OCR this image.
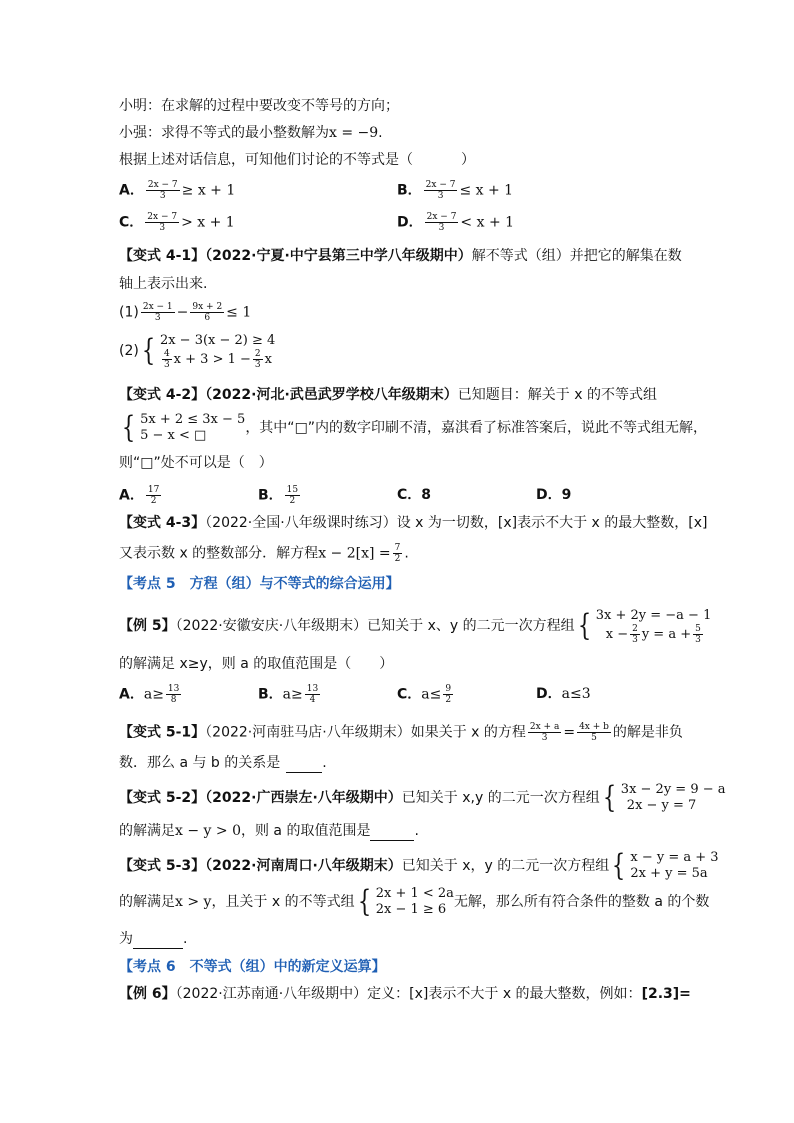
小明：在求解的过程中要改变不等号的方向；
小强：求得不等式的最小整数解为x = −9.
根据上述对话信息，可知他们讨论的不等式是（	）
A． $\frac{2x - 7}{3} \ge x + 1$	B． $\frac{2x - 7}{3} \le x + 1$
C． $\frac{2x - 7}{3} > x + 1$	D． $\frac{2x - 7}{3} < x + 1$
【变式 4-1】（2022·宁夏·中宁县第三中学八年级期中）解不等式（组）并把它的解集在数
轴上表示出来.
$(1) \frac{2x - 1}{3} - \frac{9x + 2}{6} \le 1$
(2) { 2x − 3(x − 2) ≥ 4
$\frac{4}{3}$ $x + 3 > 1 - \frac{2}{3}$ x
【变式 4-2】（2022·河北·武邑武罗学校八年级期末）已知题目：解关于 x 的不等式组
{ 5x + 2 ≤ 3x − 5
5 − x < □	，其中“□”内的数字印刷不清，嘉淇看了标准答案后，说此不等式组无解，
则“□”处不可以是（　）
A． $\frac{17}{2}$	B． $\frac{15}{2}$	C．8	D．9
【变式 4-3】（2022·全国·八年级课时练习）设 x 为一切数，[x]表示不大于 x 的最大整数，[x]
又表示数 x 的整数部分．解方程$x - 2[x] = \frac{7}{2}$ .
【考点 5　方程（组）与不等式的综合运用】
【例 5】（2022·安徽安庆·八年级期末）已知关于 x、y 的二元一次方程组 { 3x + 2y = −a − 1
$x - \frac{2}{3}$ $y = a + \frac{5}{3}$
的解满足 x≥y，则 a 的取值范围是（　　）
A．$a\ge \frac{13}{8}$	B．$a\ge \frac{13}{4}$	C．$a\le \frac{9}{2}$	D．a≤3
【变式 5-1】（2022·河南驻马店·八年级期末）如果关于 x 的方程 $\frac{2x + a}{3} = \frac{4x + b}{5}$ 的解是非负
数．那么 a 与 b 的关系是	.
【变式 5-2】（2022·广西崇左·八年级期中）已知关于 x,y 的二元一次方程组 { 3x − 2y = 9 − a
2x − y = 7
的解满足x − y > 0，则 a 的取值范围是	.
【变式 5-3】（2022·河南周口·八年级期末）已知关于 x，y 的二元一次方程组 { x − y = a + 3
2x + y = 5a
的解满足x > y，且关于 x 的不等式组 { 2x + 1 < 2a
2x − 1 ≥ 6 无解，那么所有符合条件的整数 a 的个数
为	.
【考点 6　不等式（组）中的新定义运算】
【例 6】（2022·江苏南通·八年级期中）定义：[x]表示不大于 x 的最大整数，例如：[2.3]=
